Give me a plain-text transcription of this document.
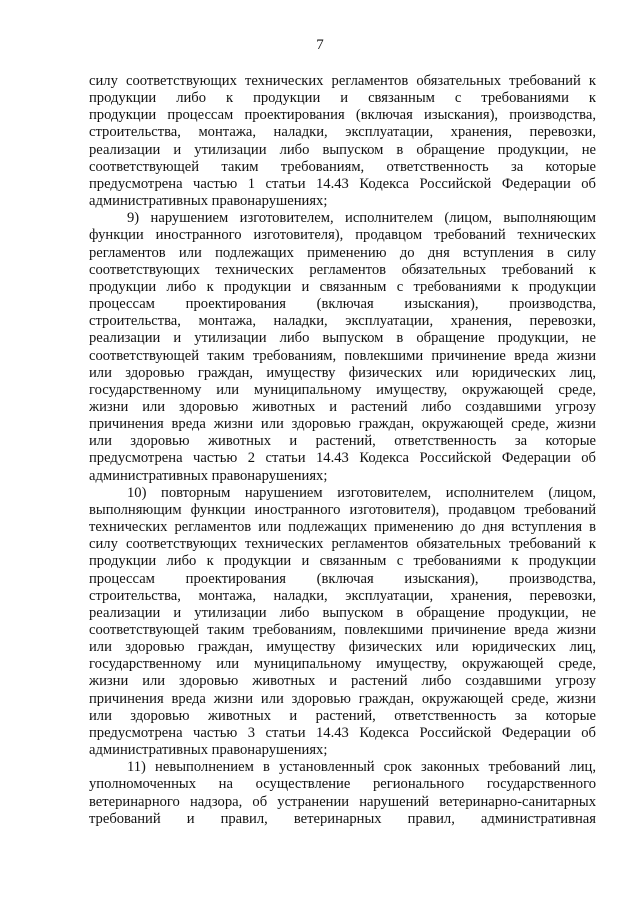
7
силу соответствующих технических регламентов обязательных требований к
продукции либо к продукции и связанным с требованиями к
продукции процессам проектирования (включая изыскания), производства,
строительства, монтажа, наладки, эксплуатации, хранения, перевозки,
реализации и утилизации либо выпуском в обращение продукции, не
соответствующей таким требованиям, ответственность за которые
предусмотрена частью 1 статьи 14.43 Кодекса Российской Федерации об
административных правонарушениях;
9) нарушением изготовителем, исполнителем (лицом, выполняющим
функции иностранного изготовителя), продавцом требований технических
регламентов или подлежащих применению до дня вступления в силу
соответствующих технических регламентов обязательных требований к
продукции либо к продукции и связанным с требованиями к продукции
процессам проектирования (включая изыскания), производства,
строительства, монтажа, наладки, эксплуатации, хранения, перевозки,
реализации и утилизации либо выпуском в обращение продукции, не
соответствующей таким требованиям, повлекшими причинение вреда жизни
или здоровью граждан, имуществу физических или юридических лиц,
государственному или муниципальному имуществу, окружающей среде,
жизни или здоровью животных и растений либо создавшими угрозу
причинения вреда жизни или здоровью граждан, окружающей среде, жизни
или здоровью животных и растений, ответственность за которые
предусмотрена частью 2 статьи 14.43 Кодекса Российской Федерации об
административных правонарушениях;
10) повторным нарушением изготовителем, исполнителем (лицом,
выполняющим функции иностранного изготовителя), продавцом требований
технических регламентов или подлежащих применению до дня вступления в
силу соответствующих технических регламентов обязательных требований к
продукции либо к продукции и связанным с требованиями к продукции
процессам проектирования (включая изыскания), производства,
строительства, монтажа, наладки, эксплуатации, хранения, перевозки,
реализации и утилизации либо выпуском в обращение продукции, не
соответствующей таким требованиям, повлекшими причинение вреда жизни
или здоровью граждан, имуществу физических или юридических лиц,
государственному или муниципальному имуществу, окружающей среде,
жизни или здоровью животных и растений либо создавшими угрозу
причинения вреда жизни или здоровью граждан, окружающей среде, жизни
или здоровью животных и растений, ответственность за которые
предусмотрена частью 3 статьи 14.43 Кодекса Российской Федерации об
административных правонарушениях;
11) невыполнением в установленный срок законных требований лиц,
уполномоченных на осуществление регионального государственного
ветеринарного надзора, об устранении нарушений ветеринарно-санитарных
требований и правил, ветеринарных правил, административная
